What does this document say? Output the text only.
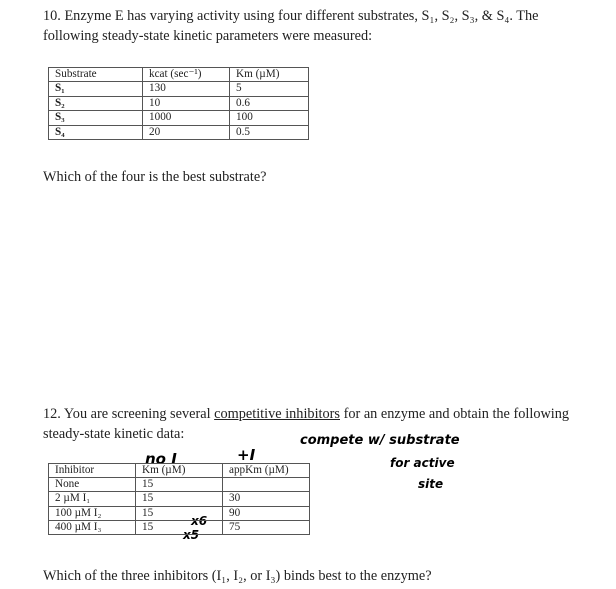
10. Enzyme E has varying activity using four different substrates, S₁, S₂, S₃, & S₄. The

following steady-state kinetic parameters were measured:

Substrate	kcat (sec⁻¹)	Km (µM)
S₁	130	5
S₂	10	0.6
S₃	1000	100
S₄	20	0.5
Which of the four is the best substrate?

12. You are screening several competitive inhibitors for an enzyme and obtain the following

steady-state kinetic data:

no I	+I
compete w/ substrate
for active
site
x6
x5
Inhibitor	Km (µM)	appKm (µM)
None	15	
2 µM I₁	15	30
100 µM I₂	15	90
400 µM I₃	15	75
Which of the three inhibitors (I₁, I₂, or I₃) binds best to the enzyme?
